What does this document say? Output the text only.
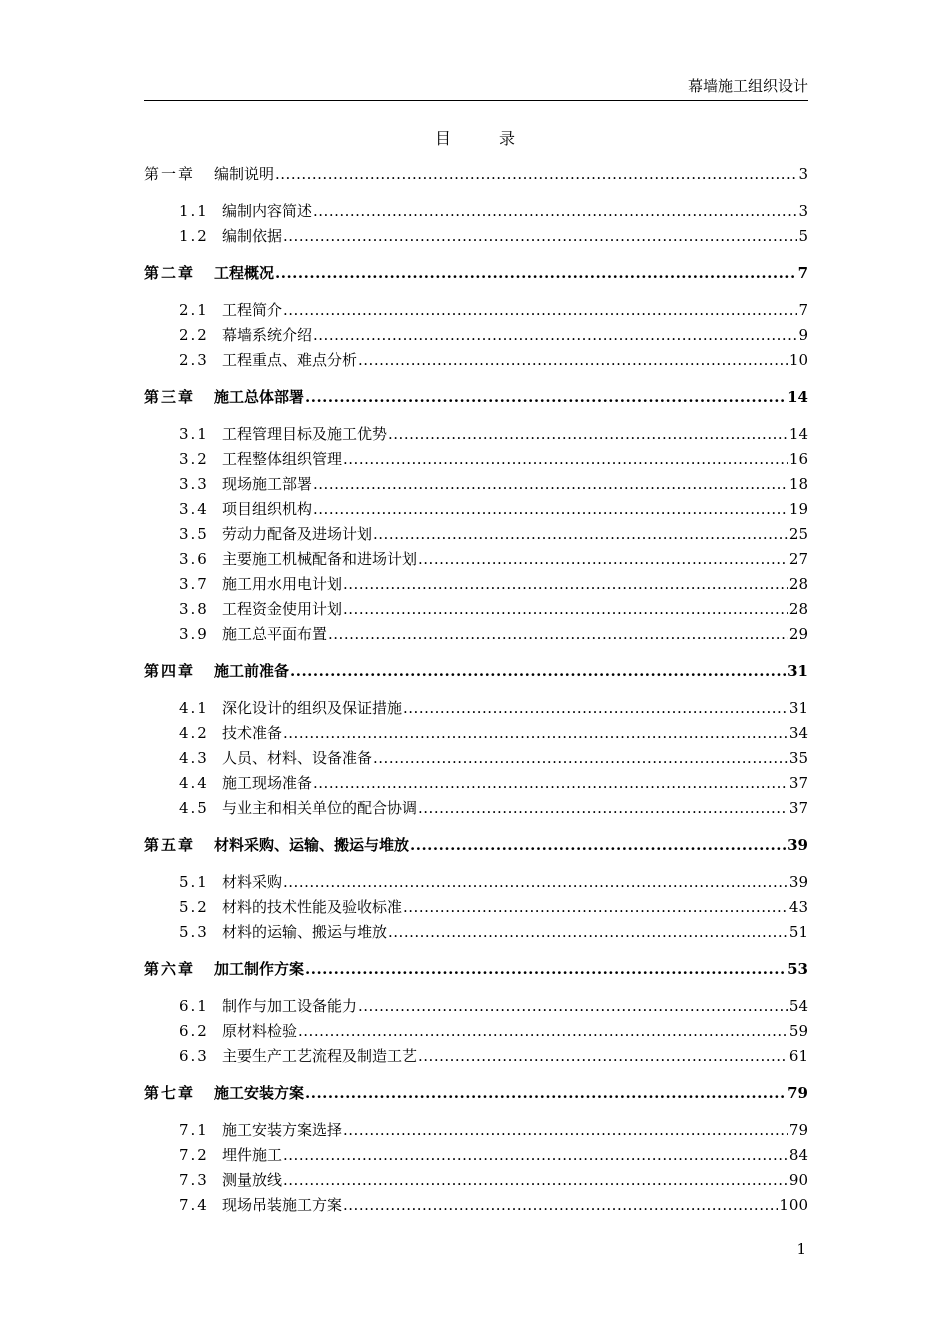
幕墙施工组织设计
目录
第一章	编制说明 .....	3
1.1 编制内容简述 .....	3
1.2 编制依据 .....	5
第二章	工程概况 .....	7
2.1 工程简介 .....	7
2.2 幕墙系统介绍 .....	9
2.3 工程重点、难点分析 .....	10
第三章	施工总体部署 .....	14
3.1 工程管理目标及施工优势 .....	14
3.2 工程整体组织管理 .....	16
3.3 现场施工部署 .....	18
3.4 项目组织机构 .....	19
3.5 劳动力配备及进场计划 .....	25
3.6 主要施工机械配备和进场计划 .....	27
3.7 施工用水用电计划 .....	28
3.8 工程资金使用计划 .....	28
3.9 施工总平面布置 .....	29
第四章	施工前准备 .....	31
4.1 深化设计的组织及保证措施 .....	31
4.2 技术准备 .....	34
4.3 人员、材料、设备准备 .....	35
4.4 施工现场准备 .....	37
4.5 与业主和相关单位的配合协调 .....	37
第五章	材料采购、运输、搬运与堆放 .....	39
5.1 材料采购 .....	39
5.2 材料的技术性能及验收标准 .....	43
5.3 材料的运输、搬运与堆放 .....	51
第六章	加工制作方案 .....	53
6.1 制作与加工设备能力 .....	54
6.2 原材料检验 .....	59
6.3 主要生产工艺流程及制造工艺 .....	61
第七章	施工安装方案 .....	79
7.1 施工安装方案选择 .....	79
7.2 埋件施工 .....	84
7.3 测量放线 .....	90
7.4 现场吊装施工方案 .....	100
1
